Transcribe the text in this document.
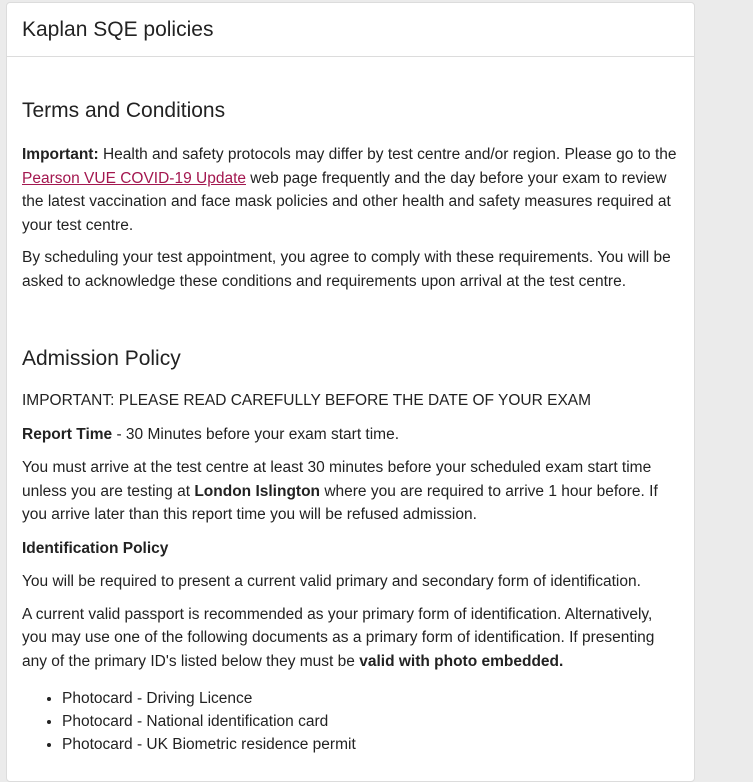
Kaplan SQE policies
Terms and Conditions

Important: Health and safety protocols may differ by test centre and/or region. Please go to the Pearson VUE COVID-19 Update web page frequently and the day before your exam to review the latest vaccination and face mask policies and other health and safety measures required at your test centre.

By scheduling your test appointment, you agree to comply with these requirements. You will be asked to acknowledge these conditions and requirements upon arrival at the test centre.

Admission Policy

IMPORTANT: PLEASE READ CAREFULLY BEFORE THE DATE OF YOUR EXAM

Report Time - 30 Minutes before your exam start time.

You must arrive at the test centre at least 30 minutes before your scheduled exam start time unless you are testing at London Islington where you are required to arrive 1 hour before. If you arrive later than this report time you will be refused admission.

Identification Policy

You will be required to present a current valid primary and secondary form of identification.

A current valid passport is recommended as your primary form of identification. Alternatively, you may use one of the following documents as a primary form of identification. If presenting any of the primary ID's listed below they must be valid with photo embedded.

• Photocard - Driving Licence
• Photocard - National identification card
• Photocard - UK Biometric residence permit
